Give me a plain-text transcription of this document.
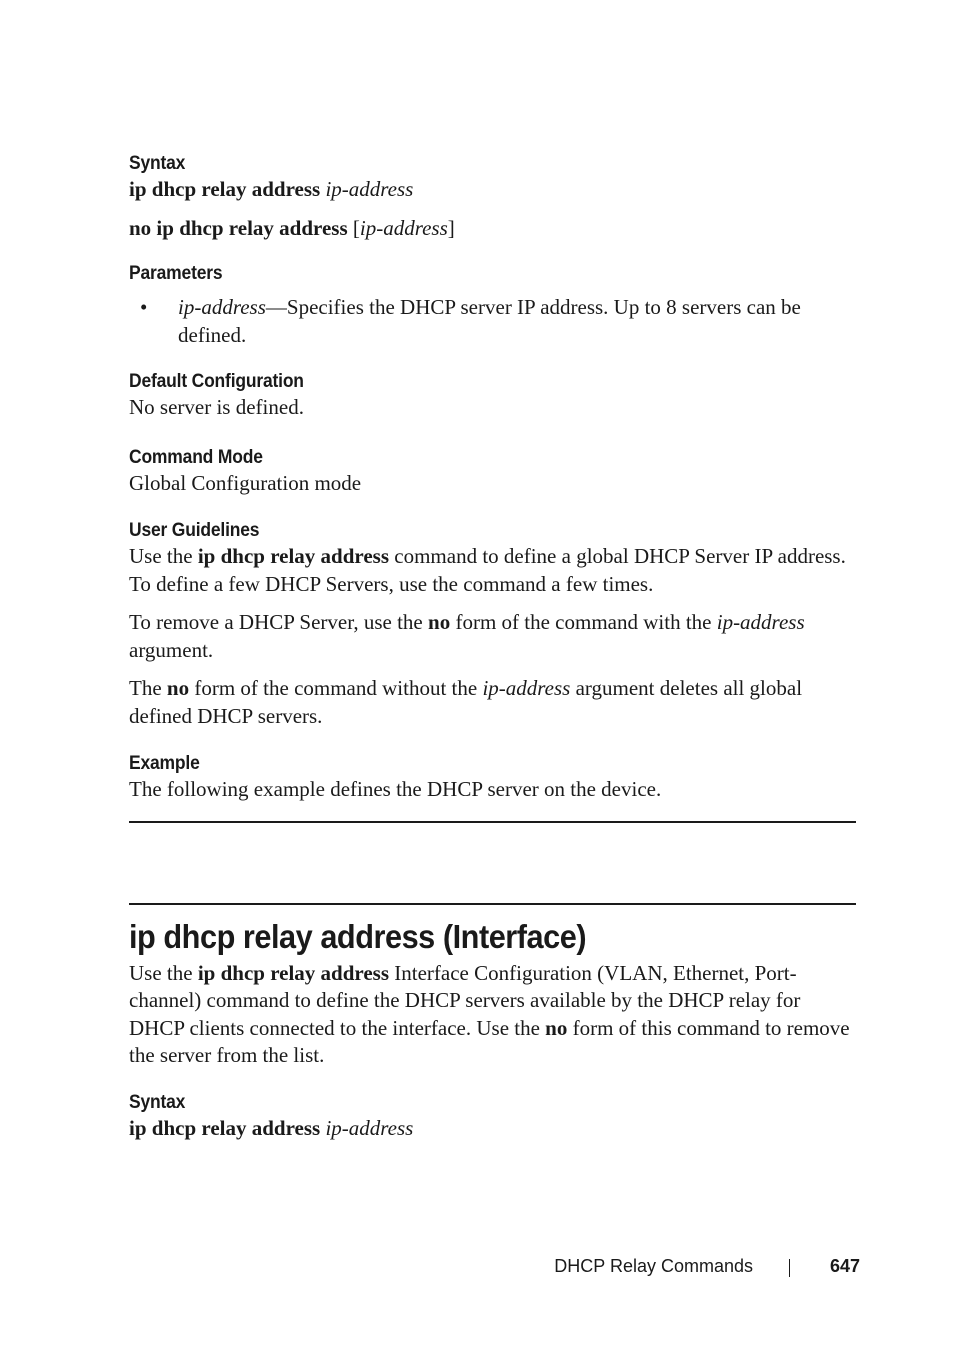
Syntax

ip dhcp relay address ip-address

no ip dhcp relay address [ip-address]

Parameters

• ip-address—Specifies the DHCP server IP address. Up to 8 servers can be defined.

Default Configuration

No server is defined.

Command Mode

Global Configuration mode

User Guidelines

Use the ip dhcp relay address command to define a global DHCP Server IP address. To define a few DHCP Servers, use the command a few times.

To remove a DHCP Server, use the no form of the command with the ip-address argument.

The no form of the command without the ip-address argument deletes all global defined DHCP servers.

Example

The following example defines the DHCP server on the device.

ip dhcp relay address (Interface)

Use the ip dhcp relay address Interface Configuration (VLAN, Ethernet, Port-channel) command to define the DHCP servers available by the DHCP relay for DHCP clients connected to the interface. Use the no form of this command to remove the server from the list.

Syntax

ip dhcp relay address ip-address

DHCP Relay Commands	647
